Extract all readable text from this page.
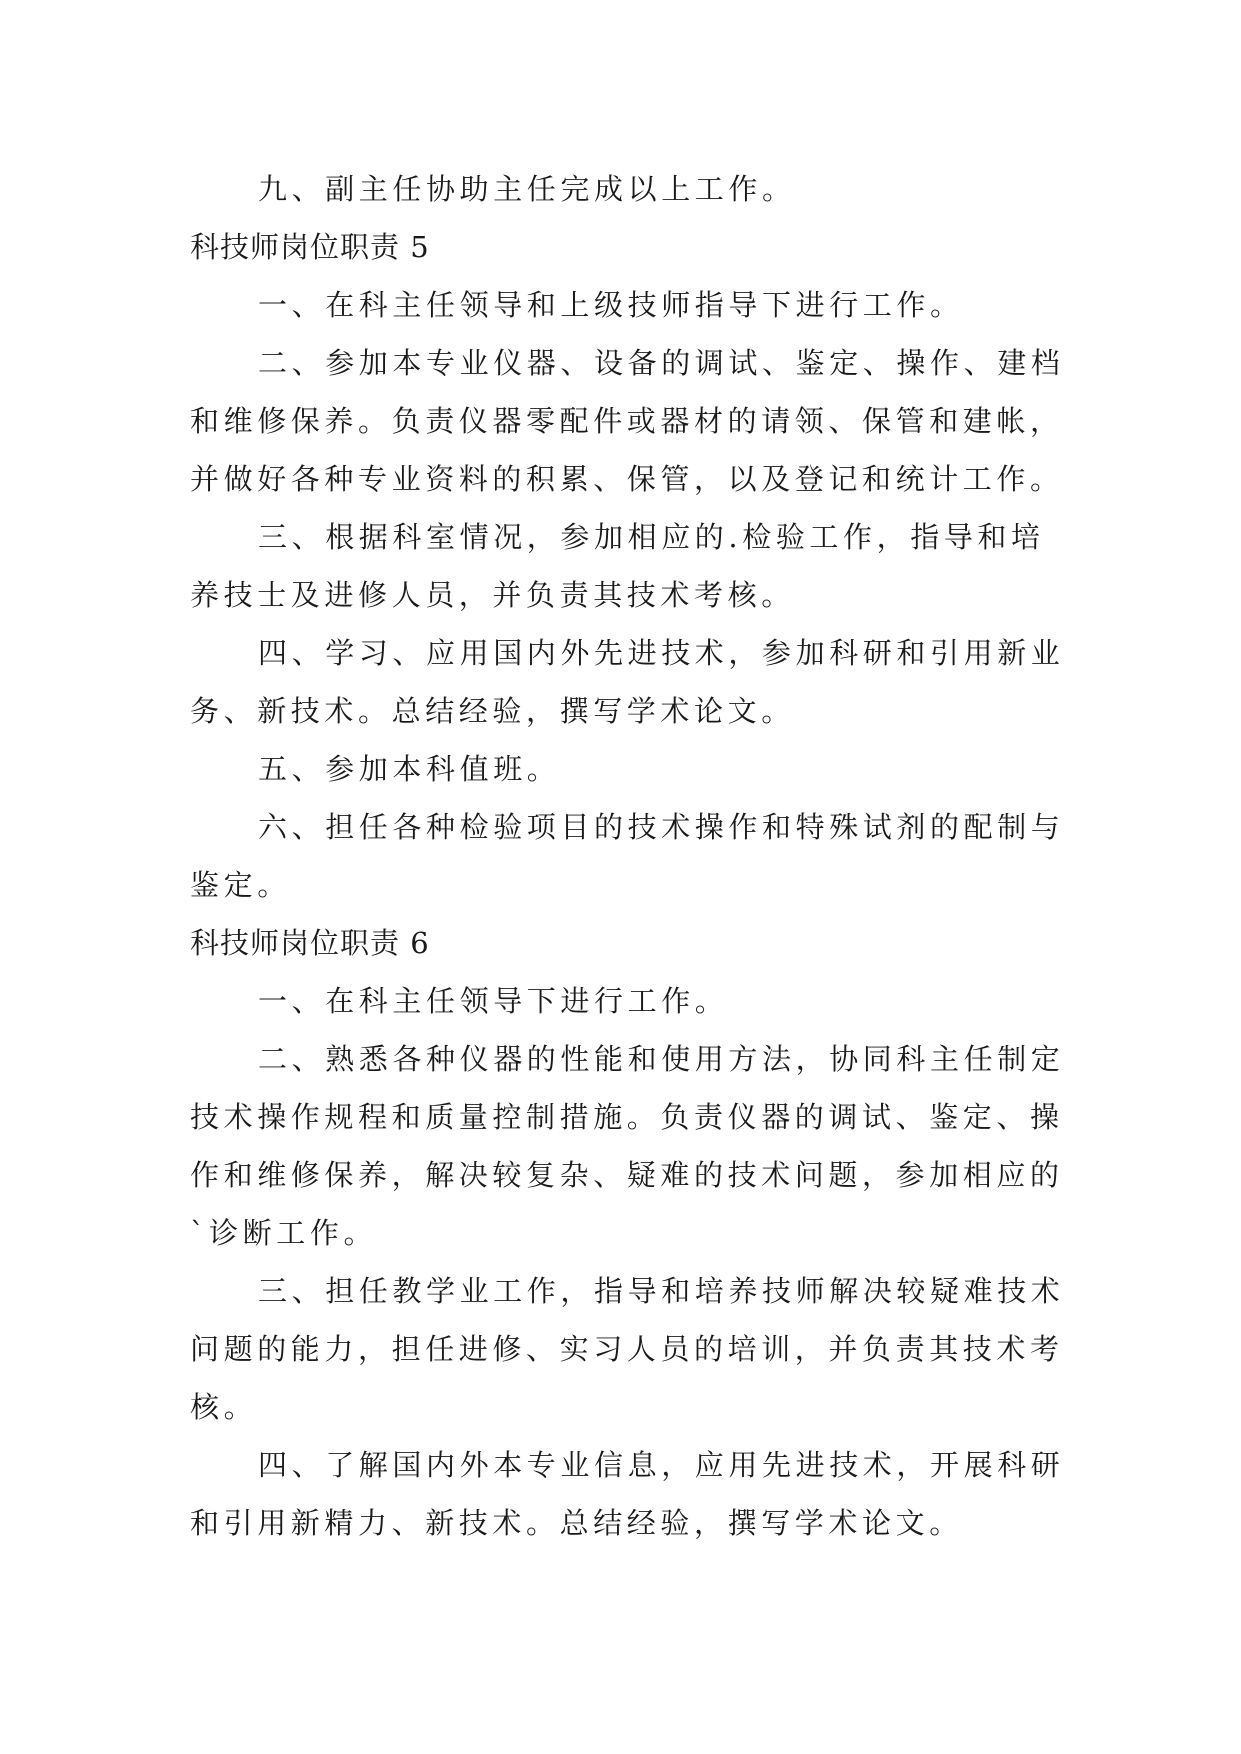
九、副主任协助主任完成以上工作。

科技师岗位职责 5

一、在科主任领导和上级技师指导下进行工作。

二、参加本专业仪器、设备的调试、鉴定、操作、建档

和维修保养。负责仪器零配件或器材的请领、保管和建帐，

并做好各种专业资料的积累、保管，以及登记和统计工作。

三、根据科室情况，参加相应的.检验工作，指导和培

养技士及进修人员，并负责其技术考核。

四、学习、应用国内外先进技术，参加科研和引用新业

务、新技术。总结经验，撰写学术论文。

五、参加本科值班。

六、担任各种检验项目的技术操作和特殊试剂的配制与

鉴定。

科技师岗位职责 6

一、在科主任领导下进行工作。

二、熟悉各种仪器的性能和使用方法，协同科主任制定

技术操作规程和质量控制措施。负责仪器的调试、鉴定、操

作和维修保养，解决较复杂、疑难的技术问题，参加相应的

`诊断工作。

三、担任教学业工作，指导和培养技师解决较疑难技术

问题的能力，担任进修、实习人员的培训，并负责其技术考

核。

四、了解国内外本专业信息，应用先进技术，开展科研

和引用新精力、新技术。总结经验，撰写学术论文。
